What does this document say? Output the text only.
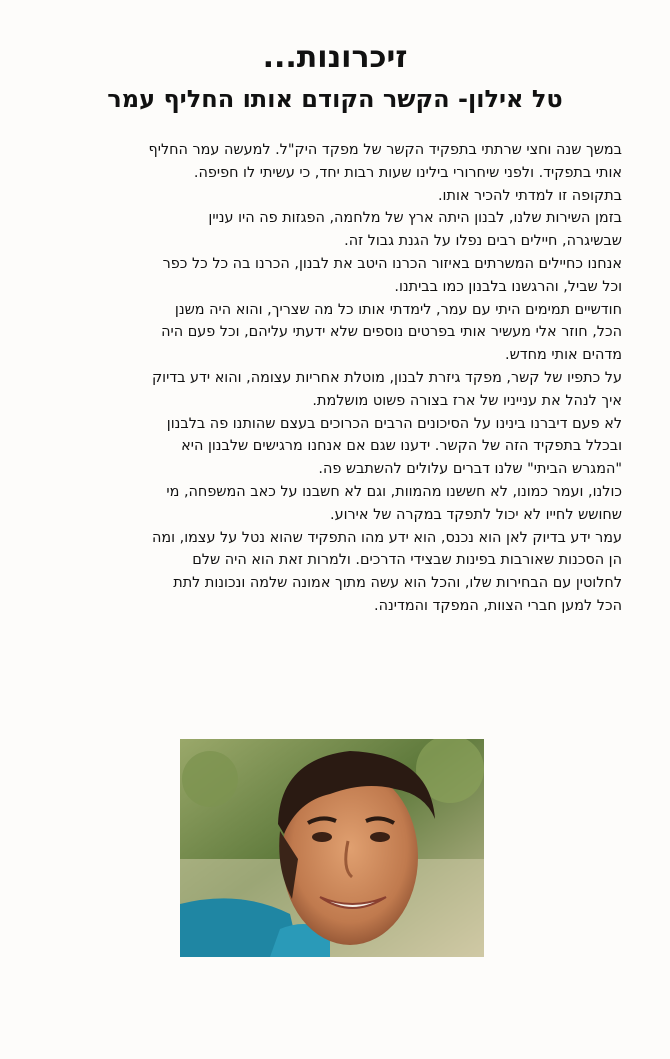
זיכרונות...
טל אילון- הקשר הקודם אותו החליף עמר
במשך שנה וחצי שרתתי בתפקיד הקשר של מפקד היק"ל. למעשה עמר החליף
אותי בתפקיד. ולפני שיחרורי בילינו שעות רבות יחד, כי עשיתי לו חפיפה.
בתקופה זו למדתי להכיר אותו.
בזמן השירות שלנו, לבנון היתה ארץ של מלחמה, הפגזות פה היו עניין
שבשיגרה, חיילים רבים נפלו על הגנת גבול זה.
אנחנו כחיילים המשרתים באיזור הכרנו היטב את לבנון, הכרנו בה כל כל כפר
וכל שביל, והרגשנו בלבנון כמו בביתנו.
חודשיים תמימים היתי עם עמר, לימדתי אותו כל מה שצריך, והוא היה משנן
הכל, חוזר אלי מעשיר אותי בפרטים נוספים שלא ידעתי עליהם, וכל פעם היה
מדהים אותי מחדש.
על כתפיו של קשר, מפקד גיזרת לבנון, מוטלת אחריות עצומה, והוא ידע בדיוק
איך לנהל את ענייניו של ארז בצורה פשוט מושלמת.
לא פעם דיברנו בינינו על הסיכונים הרבים הכרוכים בעצם שהותנו פה בלבנון
ובכלל בתפקיד הזה של הקשר. ידענו שגם אם אנחנו מרגישים שלבנון היא
"המגרש הביתי" שלנו דברים עלולים להשתבש פה.
כולנו, ועמר כמונו, לא חששנו מהמוות, וגם לא חשבנו על כאב המשפחה, מי
שחושש לחייו לא יכול לתפקד במקרה של אירוע.
עמר ידע בדיוק לאן הוא נכנס, הוא ידע מהו התפקיד שהוא נטל על עצמו, ומה
הן הסכנות שאורבות בפינות שבצידי הדרכים. ולמרות זאת הוא היה שלם
לחלוטין עם הבחירות שלו, והכל הוא עשה מתוך אמונה שלמה ונכונות לתת
הכל למען חברי הצוות, המפקד והמדינה.
